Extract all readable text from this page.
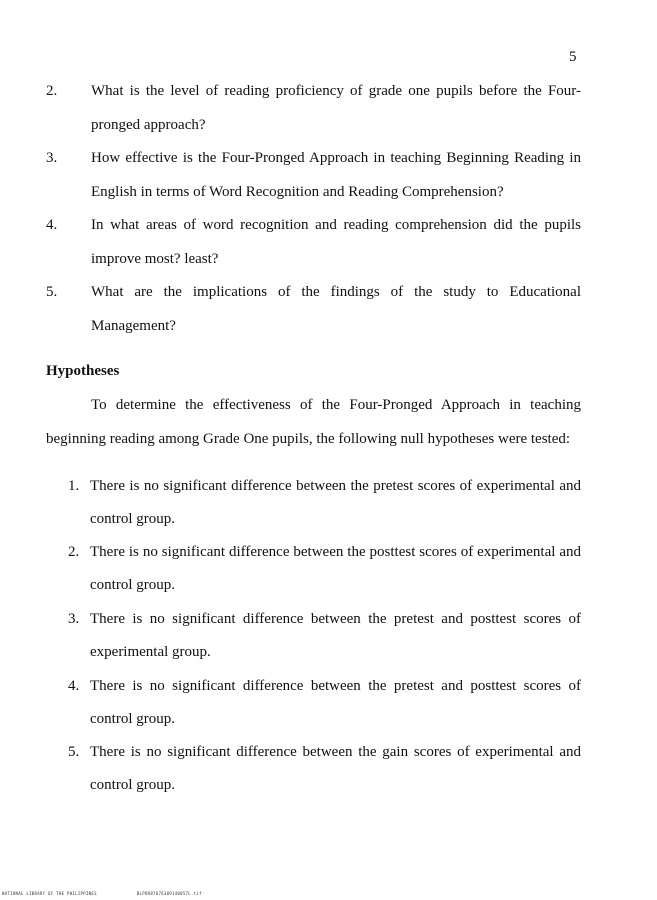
5
2. What is the level of reading proficiency of grade one pupils before the Four-
pronged approach?
3. How effective is the Four-Pronged Approach in teaching Beginning Reading in
English in terms of Word Recognition and Reading Comprehension?
4. In what areas of word recognition and reading comprehension did the pupils
improve most? least?
5. What are the implications of the findings of the study to Educational
Management?
Hypotheses
To determine the effectiveness of the Four-Pronged Approach in teaching
beginning reading among Grade One pupils, the following null hypotheses were tested:
1. There is no significant difference between the pretest scores of experimental and
control group.
2. There is no significant difference between the posttest scores of experimental and
control group.
3. There is no significant difference between the pretest and posttest scores of
experimental group.
4. There is no significant difference between the pretest and posttest scores of
control group.
5. There is no significant difference between the gain scores of experimental and
control group.
NATIONAL LIBRARY OF THE PHILIPPINES	BLPOR87076309148057L.tif
